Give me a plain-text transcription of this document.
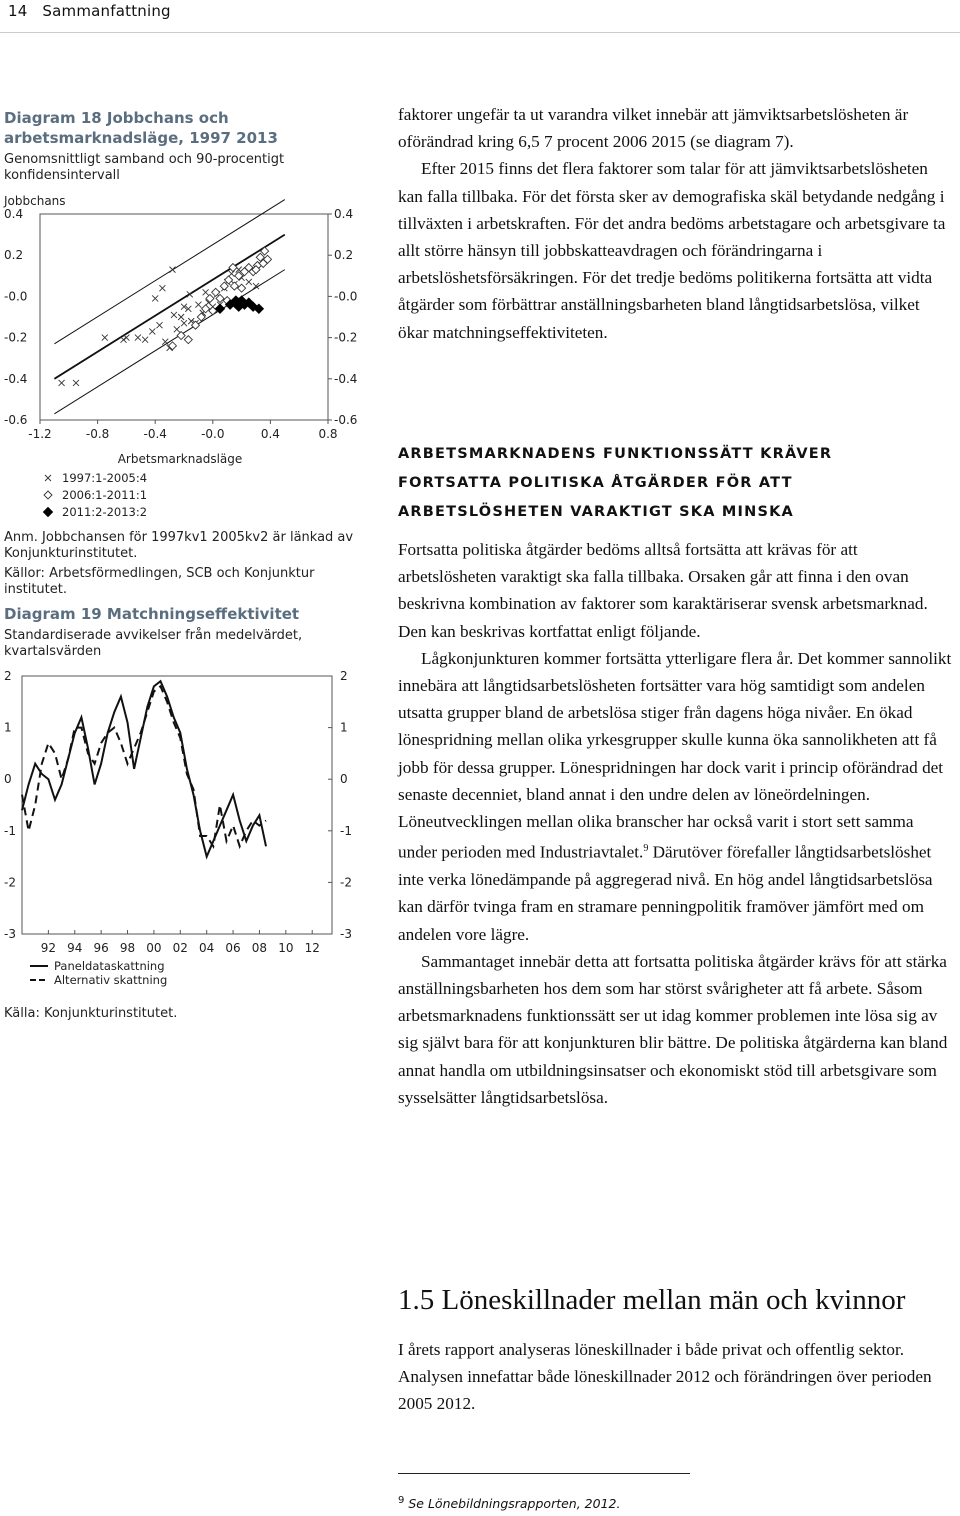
14 Sammanfattning
Diagram 18 Jobbchans och arbetsmarknadsläge, 1997 2013
Genomsnittligt samband och 90-procentigt konfidensintervall
Jobbchans
0.4
0.2
-0.0
-0.2
-0.4
-0.6
0.4
0.2
-0.0
-0.2
-0.4
-0.6
-1.2	-0.8	-0.4	-0.0	0.4	0.8
Arbetsmarknadsläge
1997:1-2005:4
2006:1-2011:1
2011:2-2013:2
Anm. Jobbchansen för 1997kv1 2005kv2 är länkad av Konjunkturinstitutet.
Källor: Arbetsförmedlingen, SCB och Konjunktur institutet.
Diagram 19 Matchningseffektivitet
Standardiserade avvikelser från medelvärdet, kvartalsvärden
2
1
0
-1
-2
-3
2
1
0
-1
-2
-3
92 94 96 98 00 02 04 06 08 10 12
Paneldataskattning
Alternativ skattning
Källa: Konjunkturinstitutet.

faktorer ungefär ta ut varandra vilket innebär att jämviktsarbetslösheten är oförändrad kring 6,5 7 procent 2006 2015 (se diagram 7).

Efter 2015 finns det flera faktorer som talar för att jämviktsarbetslösheten kan falla tillbaka. För det första sker av demografiska skäl betydande nedgång i tillväxten i arbetskraften. För det andra bedöms arbetstagare och arbetsgivare ta allt större hänsyn till jobbskatteavdragen och förändringarna i arbetslöshetsförsäkringen. För det tredje bedöms politikerna fortsätta att vidta åtgärder som förbättrar anställningsbarheten bland långtidsarbetslösa, vilket ökar matchningseffektiviteten.

ARBETSMARKNADENS FUNKTIONSSÄTT KRÄVER FORTSATTA POLITISKA ÅTGÄRDER FÖR ATT ARBETSLÖSHETEN VARAKTIGT SKA MINSKA

Fortsatta politiska åtgärder bedöms alltså fortsätta att krävas för att arbetslösheten varaktigt ska falla tillbaka. Orsaken går att finna i den ovan beskrivna kombination av faktorer som karaktäriserar svensk arbetsmarknad. Den kan beskrivas kortfattat enligt följande.

Lågkonjunkturen kommer fortsätta ytterligare flera år. Det kommer sannolikt innebära att långtidsarbetslösheten fortsätter vara hög samtidigt som andelen utsatta grupper bland de arbetslösa stiger från dagens höga nivåer. En ökad lönespridning mellan olika yrkesgrupper skulle kunna öka sannolikheten att få jobb för dessa grupper. Lönespridningen har dock varit i princip oförändrad det senaste decenniet, bland annat i den undre delen av löneördelningen. Löneutvecklingen mellan olika branscher har också varit i stort sett samma under perioden med Industriavtalet.$^9$ Därutöver förefaller långtidsarbetslöshet inte verka lönedämpande på aggregerad nivå. En hög andel långtidsarbetslösa kan därför tvinga fram en stramare penningpolitik framöver jämfört med om andelen vore lägre.

Sammantaget innebär detta att fortsatta politiska åtgärder krävs för att stärka anställningsbarheten hos dem som har störst svårigheter att få arbete. Såsom arbetsmarknadens funktionssätt ser ut idag kommer problemen inte lösa sig av sig självt bara för att konjunkturen blir bättre. De politiska åtgärderna kan bland annat handla om utbildningsinsatser och ekonomiskt stöd till arbetsgivare som sysselsätter långtidsarbetslösa.

1.5 Löneskillnader mellan män och kvinnor

I årets rapport analyseras löneskillnader i både privat och offentlig sektor. Analysen innefattar både löneskillnader 2012 och förändringen över perioden 2005 2012.

$^9$ Se Lönebildningsrapporten, 2012.
